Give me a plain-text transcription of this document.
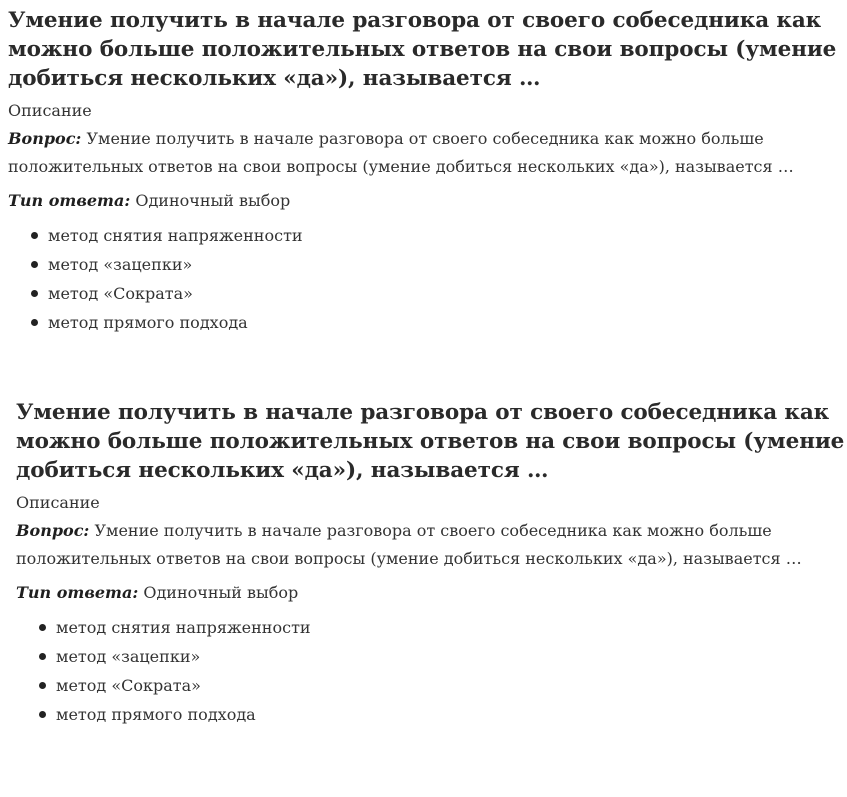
Умение получить в начале разговора от своего собеседника как можно больше положительных ответов на свои вопросы (умение добиться нескольких «да»), называется …
Описание
Вопрос: Умение получить в начале разговора от своего собеседника как можно больше положительных ответов на свои вопросы (умение добиться нескольких «да»), называется …
Тип ответа: Одиночный выбор
метод снятия напряженности
метод «зацепки»
метод «Сократа»
метод прямого подхода
Умение получить в начале разговора от своего собеседника как можно больше положительных ответов на свои вопросы (умение добиться нескольких «да»), называется …
Описание
Вопрос: Умение получить в начале разговора от своего собеседника как можно больше положительных ответов на свои вопросы (умение добиться нескольких «да»), называется …
Тип ответа: Одиночный выбор
метод снятия напряженности
метод «зацепки»
метод «Сократа»
метод прямого подхода
